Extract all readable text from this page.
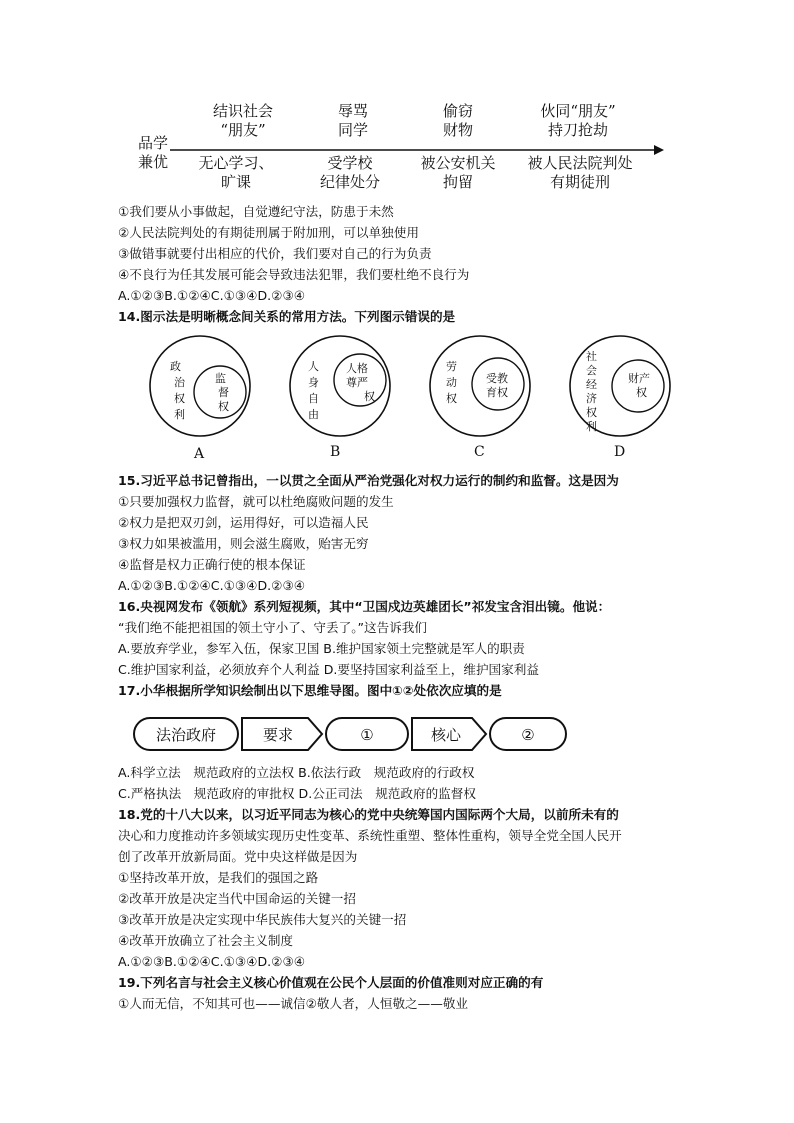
品学
兼优
结识社会
“朋友”
辱骂
同学
偷窃
财物
伙同“朋友”
持刀抢劫
无心学习、
旷课
受学校
纪律处分
被公安机关
拘留
被人民法院判处
有期徒刑
①我们要从小事做起，自觉遵纪守法，防患于未然
②人民法院判处的有期徒刑属于附加刑，可以单独使用
③做错事就要付出相应的代价，我们要对自己的行为负责
④不良行为任其发展可能会导致违法犯罪，我们要杜绝不良行为
A.①②③B.①②④C.①③④D.②③④
14.图示法是明晰概念间关系的常用方法。下列图示错误的是
政
治
权
利
监
督
权
A
人
身
自
由
人格
尊严
权
B
劳
动
权
受教
育权
C
社
会
经
济
权
利
财产
权
D
15.习近平总书记曾指出，一以贯之全面从严治党强化对权力运行的制约和监督。这是因为
①只要加强权力监督，就可以杜绝腐败问题的发生
②权力是把双刃剑，运用得好，可以造福人民
③权力如果被滥用，则会滋生腐败，贻害无穷
④监督是权力正确行使的根本保证
A.①②③B.①②④C.①③④D.②③④
16.央视网发布《领航》系列短视频，其中“卫国戍边英雄团长”祁发宝含泪出镜。他说：
“我们绝不能把祖国的领土守小了、守丢了。”这告诉我们
A.要放弃学业，参军入伍，保家卫国 B.维护国家领土完整就是军人的职责
C.维护国家利益，必须放弃个人利益 D.要坚持国家利益至上，维护国家利益
17.小华根据所学知识绘制出以下思维导图。图中①②处依次应填的是
法治政府	要求	①	核心	②
A.科学立法　规范政府的立法权 B.依法行政　规范政府的行政权
C.严格执法　规范政府的审批权 D.公正司法　规范政府的监督权
18.党的十八大以来，以习近平同志为核心的党中央统筹国内国际两个大局，以前所未有的
决心和力度推动许多领域实现历史性变革、系统性重塑、整体性重构，领导全党全国人民开
创了改革开放新局面。党中央这样做是因为
①坚持改革开放，是我们的强国之路
②改革开放是决定当代中国命运的关键一招
③改革开放是决定实现中华民族伟大复兴的关键一招
④改革开放确立了社会主义制度
A.①②③B.①②④C.①③④D.②③④
19.下列名言与社会主义核心价值观在公民个人层面的价值准则对应正确的有
①人而无信，不知其可也——诚信②敬人者，人恒敬之——敬业
